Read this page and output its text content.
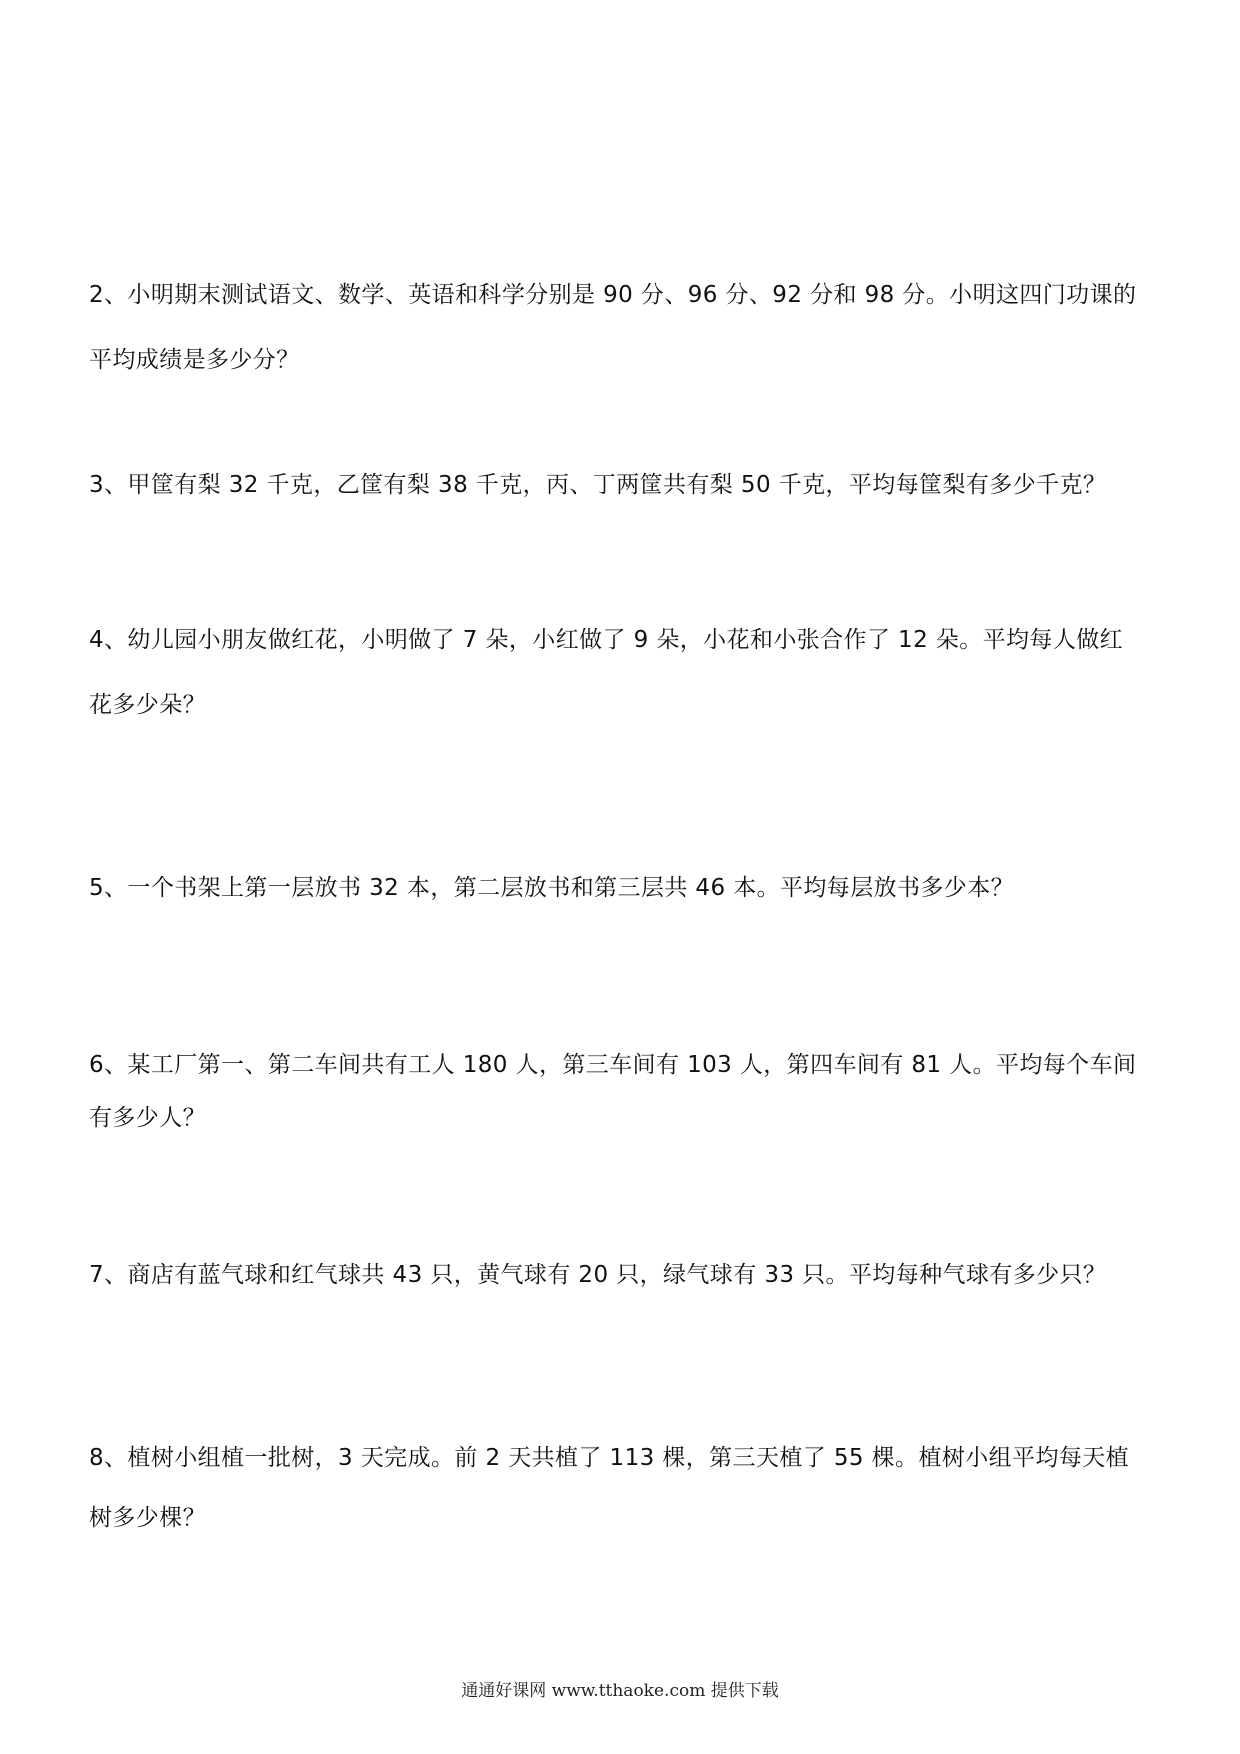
2、小明期末测试语文、数学、英语和科学分别是 90 分、96 分、92 分和 98 分。小明这四门功课的
平均成绩是多少分？
3、甲筐有梨 32 千克，乙筐有梨 38 千克，丙、丁两筐共有梨 50 千克，平均每筐梨有多少千克？
4、幼儿园小朋友做红花，小明做了 7 朵，小红做了 9 朵，小花和小张合作了 12 朵。平均每人做红
花多少朵？
5、一个书架上第一层放书 32 本，第二层放书和第三层共 46 本。平均每层放书多少本？
6、某工厂第一、第二车间共有工人 180 人，第三车间有 103 人，第四车间有 81 人。平均每个车间
有多少人？
7、商店有蓝气球和红气球共 43 只，黄气球有 20 只，绿气球有 33 只。平均每种气球有多少只？
8、植树小组植一批树，3 天完成。前 2 天共植了 113 棵，第三天植了 55 棵。植树小组平均每天植
树多少棵？
通通好课网 www.tthaoke.com 提供下载
